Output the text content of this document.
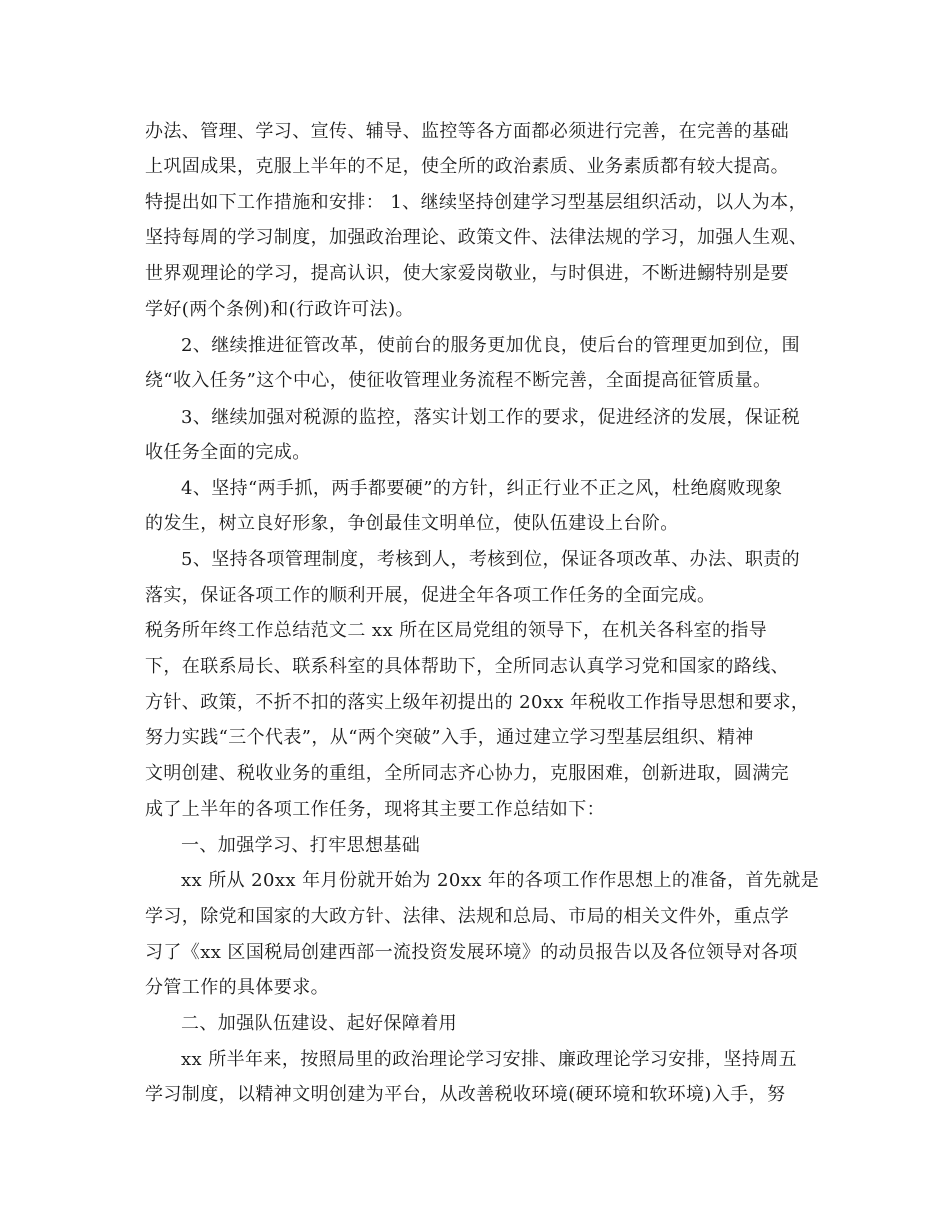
办法、管理、学习、宣传、辅导、监控等各方面都必须进行完善，在完善的基础
上巩固成果，克服上半年的不足，使全所的政治素质、业务素质都有较大提高。
特提出如下工作措施和安排： 1、继续坚持创建学习型基层组织活动，以人为本，
坚持每周的学习制度，加强政治理论、政策文件、法律法规的学习，加强人生观、
世界观理论的学习，提高认识，使大家爱岗敬业，与时俱进，不断进鰯特别是要
学好(两个条例)和(行政许可法)。
2、继续推进征管改革，使前台的服务更加优良，使后台的管理更加到位，围
绕“收入任务”这个中心，使征收管理业务流程不断完善，全面提高征管质量。
3、继续加强对税源的监控，落实计划工作的要求，促进经济的发展，保证税
收任务全面的完成。
4、坚持“两手抓，两手都要硬”的方针，纠正行业不正之风，杜绝腐败现象
的发生，树立良好形象，争创最佳文明单位，使队伍建设上台阶。
5、坚持各项管理制度，考核到人，考核到位，保证各项改革、办法、职责的
落实，保证各项工作的顺利开展，促进全年各项工作任务的全面完成。
税务所年终工作总结范文二 xx 所在区局党组的领导下，在机关各科室的指导
下，在联系局长、联系科室的具体帮助下，全所同志认真学习党和国家的路线、
方针、政策，不折不扣的落实上级年初提出的 20xx 年税收工作指导思想和要求，
努力实践“三个代表”，从“两个突破”入手，通过建立学习型基层组织、精神
文明创建、税收业务的重组，全所同志齐心协力，克服困难，创新进取，圆满完
成了上半年的各项工作任务，现将其主要工作总结如下：
一、加强学习、打牢思想基础
xx 所从 20xx 年月份就开始为 20xx 年的各项工作作思想上的准备，首先就是
学习，除党和国家的大政方针、法律、法规和总局、市局的相关文件外，重点学
习了《xx 区国税局创建西部一流投资发展环境》的动员报告以及各位领导对各项
分管工作的具体要求。
二、加强队伍建设、起好保障着用
xx 所半年来，按照局里的政治理论学习安排、廉政理论学习安排，坚持周五
学习制度，以精神文明创建为平台，从改善税收环境(硬环境和软环境)入手，努
